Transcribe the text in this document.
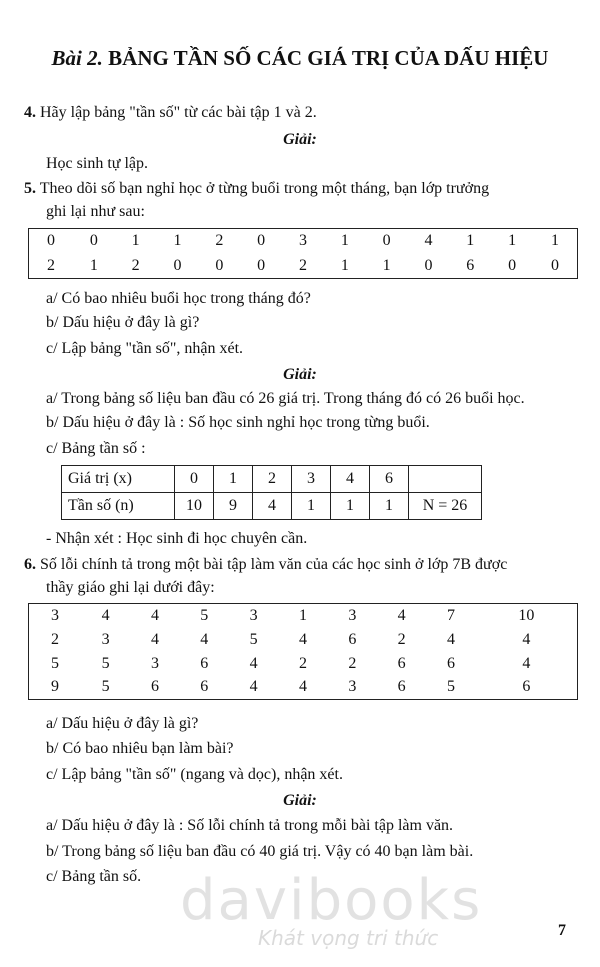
Bài 2. BẢNG TẦN SỐ CÁC GIÁ TRỊ CỦA DẤU HIỆU
4. Hãy lập bảng "tần số" từ các bài tập 1 và 2.
Giải:
Học sinh tự lập.
5. Theo dõi số bạn nghỉ học ở từng buổi trong một tháng, bạn lớp trưởng
ghi lại như sau:
0	0	1	1	2	0	3	1	0	4	1	1	1
2	1	2	0	0	0	2	1	1	0	6	0	0
a/ Có bao nhiêu buổi học trong tháng đó?
b/ Dấu hiệu ở đây là gì?
c/ Lập bảng "tần số", nhận xét.
Giải:
a/ Trong bảng số liệu ban đầu có 26 giá trị. Trong tháng đó có 26 buổi học.
b/ Dấu hiệu ở đây là : Số học sinh nghỉ học trong từng buổi.
c/ Bảng tần số :
Giá trị (x)	0	1	2	3	4	6	
Tần số (n)	10	9	4	1	1	1	N = 26
- Nhận xét : Học sinh đi học chuyên cần.
6. Số lỗi chính tả trong một bài tập làm văn của các học sinh ở lớp 7B được
thầy giáo ghi lại dưới đây:
3	4	4	5	3	1	3	4	7	10
2	3	4	4	5	4	6	2	4	4
5	5	3	6	4	2	2	6	6	4
9	5	6	6	4	4	3	6	5	6
a/ Dấu hiệu ở đây là gì?
b/ Có bao nhiêu bạn làm bài?
c/ Lập bảng "tần số" (ngang và dọc), nhận xét.
Giải:
a/ Dấu hiệu ở đây là : Số lỗi chính tả trong mỗi bài tập làm văn.
b/ Trong bảng số liệu ban đầu có 40 giá trị. Vậy có 40 bạn làm bài.
c/ Bảng tần số. davibooks
Khát vọng tri thức	7
